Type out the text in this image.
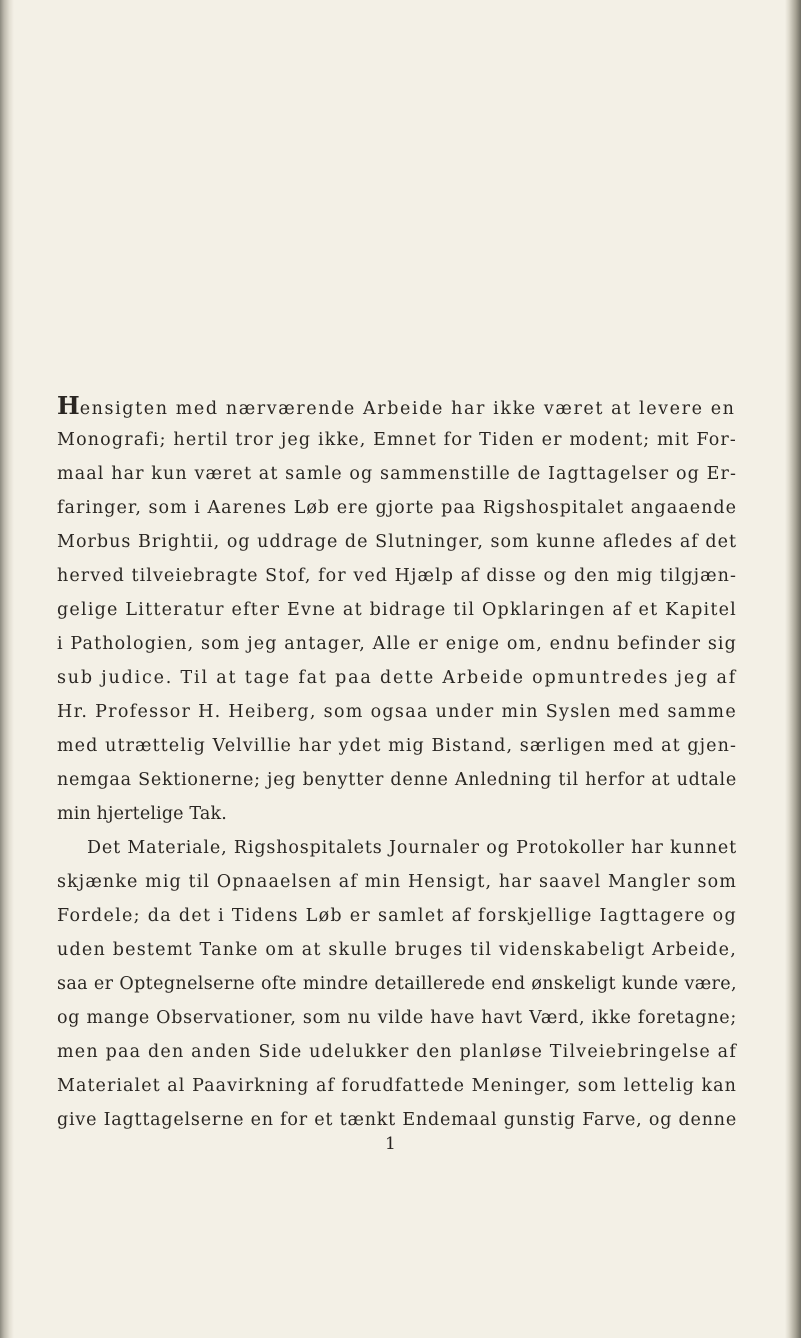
Hensigten med nærværende Arbeide har ikke været at levere en
Monografi; hertil tror jeg ikke, Emnet for Tiden er modent; mit For-
maal har kun været at samle og sammenstille de Iagttagelser og Er-
faringer, som i Aarenes Løb ere gjorte paa Rigshospitalet angaaende
Morbus Brightii, og uddrage de Slutninger, som kunne afledes af det
herved tilveiebragte Stof, for ved Hjælp af disse og den mig tilgjæn-
gelige Litteratur efter Evne at bidrage til Opklaringen af et Kapitel
i Pathologien, som jeg antager, Alle er enige om, endnu befinder sig
sub judice. Til at tage fat paa dette Arbeide opmuntredes jeg af
Hr. Professor H. Heiberg, som ogsaa under min Syslen med samme
med utrættelig Velvillie har ydet mig Bistand, særligen med at gjen-
nemgaa Sektionerne; jeg benytter denne Anledning til herfor at udtale
min hjertelige Tak.
Det Materiale, Rigshospitalets Journaler og Protokoller har kunnet
skjænke mig til Opnaaelsen af min Hensigt, har saavel Mangler som
Fordele; da det i Tidens Løb er samlet af forskjellige Iagttagere og
uden bestemt Tanke om at skulle bruges til videnskabeligt Arbeide,
saa er Optegnelserne ofte mindre detaillerede end ønskeligt kunde være,
og mange Observationer, som nu vilde have havt Værd, ikke foretagne;
men paa den anden Side udelukker den planløse Tilveiebringelse af
Materialet al Paavirkning af forudfattede Meninger, som lettelig kan
give Iagttagelserne en for et tænkt Endemaal gunstig Farve, og denne
1
